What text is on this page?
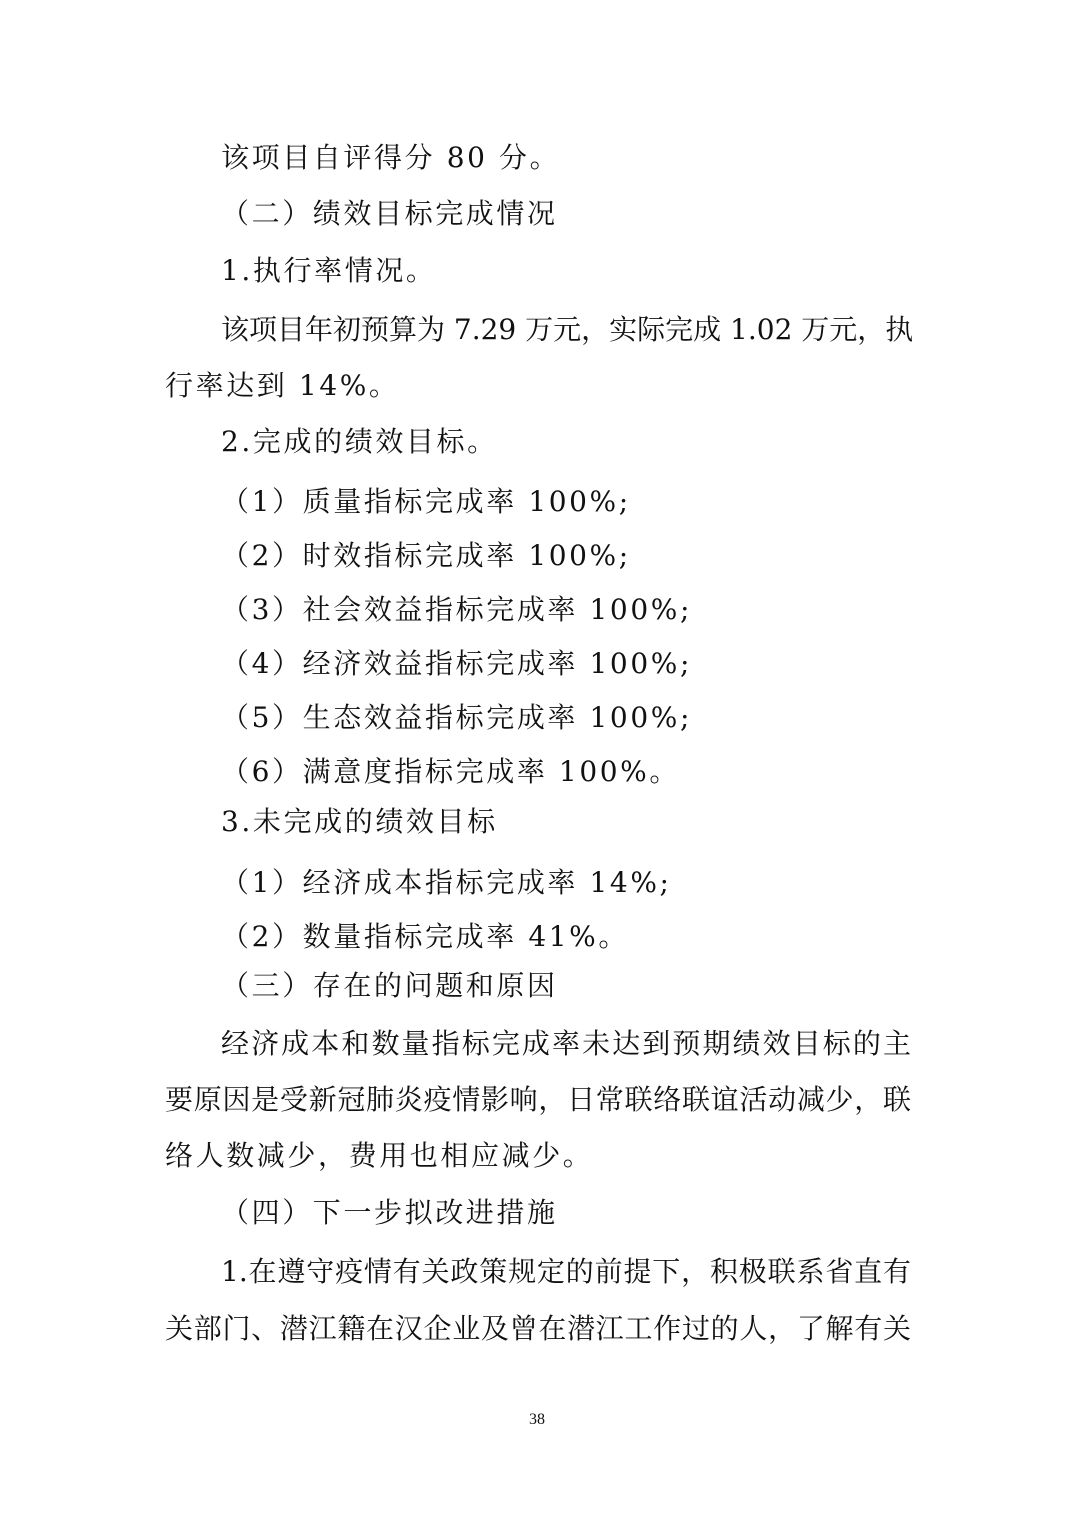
该项目自评得分 80 分。
（二）绩效目标完成情况
1.执行率情况。
该项目年初预算为 7.29 万元，实际完成 1.02 万元，执
行率达到 14%。
2.完成的绩效目标。
（1）质量指标完成率 100%;
（2）时效指标完成率 100%;
（3）社会效益指标完成率 100%;
（4）经济效益指标完成率 100%;
（5）生态效益指标完成率 100%;
（6）满意度指标完成率 100%。
3.未完成的绩效目标
（1）经济成本指标完成率 14%;
（2）数量指标完成率 41%。
（三）存在的问题和原因
经济成本和数量指标完成率未达到预期绩效目标的主
要原因是受新冠肺炎疫情影响，日常联络联谊活动减少，联
络人数减少，费用也相应减少。
（四）下一步拟改进措施
1.在遵守疫情有关政策规定的前提下，积极联系省直有
关部门、潜江籍在汉企业及曾在潜江工作过的人，了解有关
38
